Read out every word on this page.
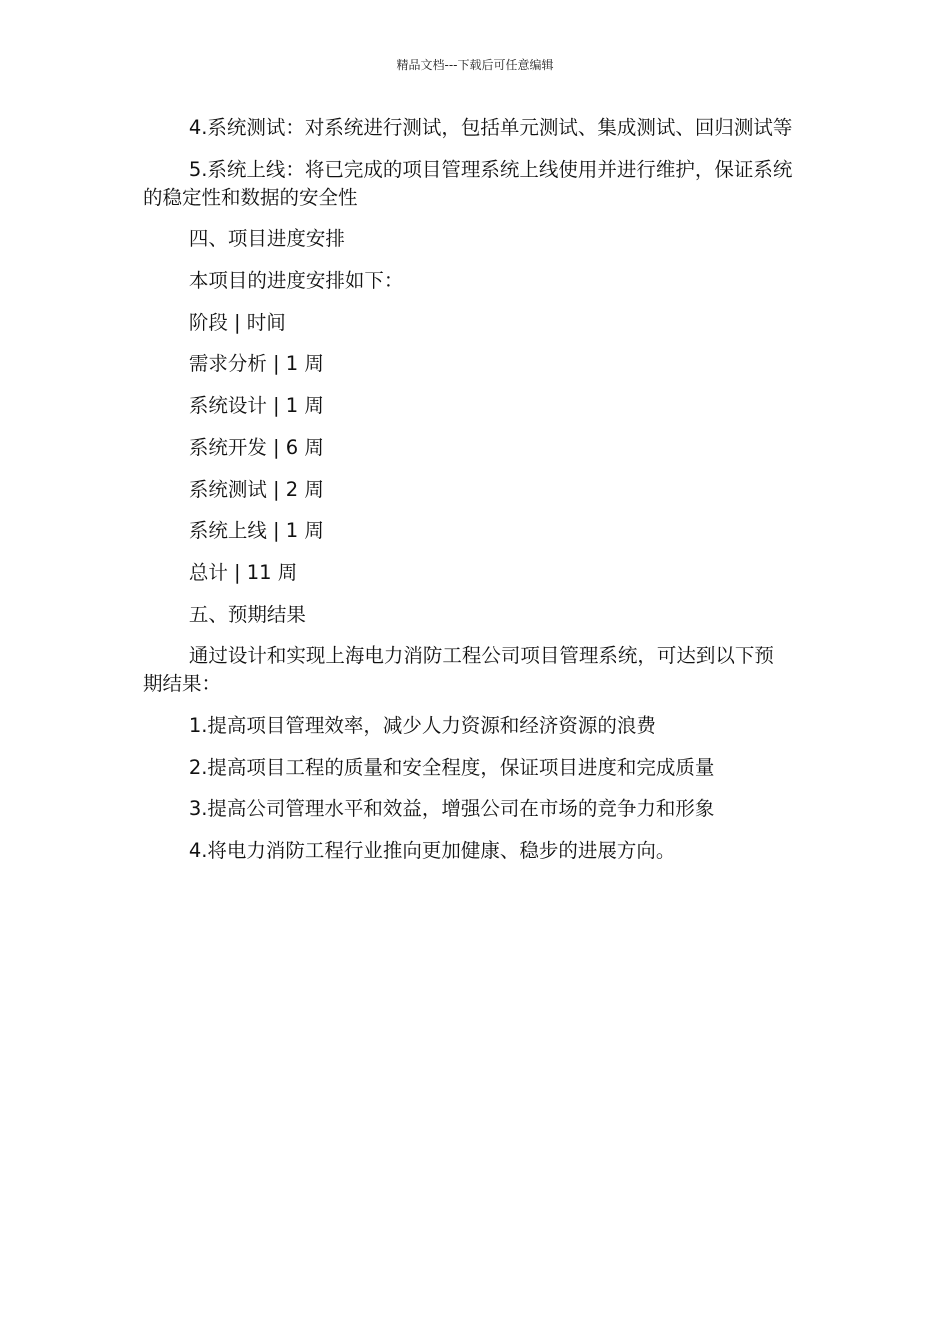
精品文档---下载后可任意编辑

4.系统测试：对系统进行测试，包括单元测试、集成测试、回归测试等

5.系统上线：将已完成的项目管理系统上线使用并进行维护，保证系统的稳定性和数据的安全性

四、项目进度安排

本项目的进度安排如下：

阶段 | 时间

需求分析 | 1 周

系统设计 | 1 周

系统开发 | 6 周

系统测试 | 2 周

系统上线 | 1 周

总计 | 11 周

五、预期结果

通过设计和实现上海电力消防工程公司项目管理系统，可达到以下预期结果：

1.提高项目管理效率，减少人力资源和经济资源的浪费

2.提高项目工程的质量和安全程度，保证项目进度和完成质量

3.提高公司管理水平和效益，增强公司在市场的竞争力和形象

4.将电力消防工程行业推向更加健康、稳步的进展方向。
